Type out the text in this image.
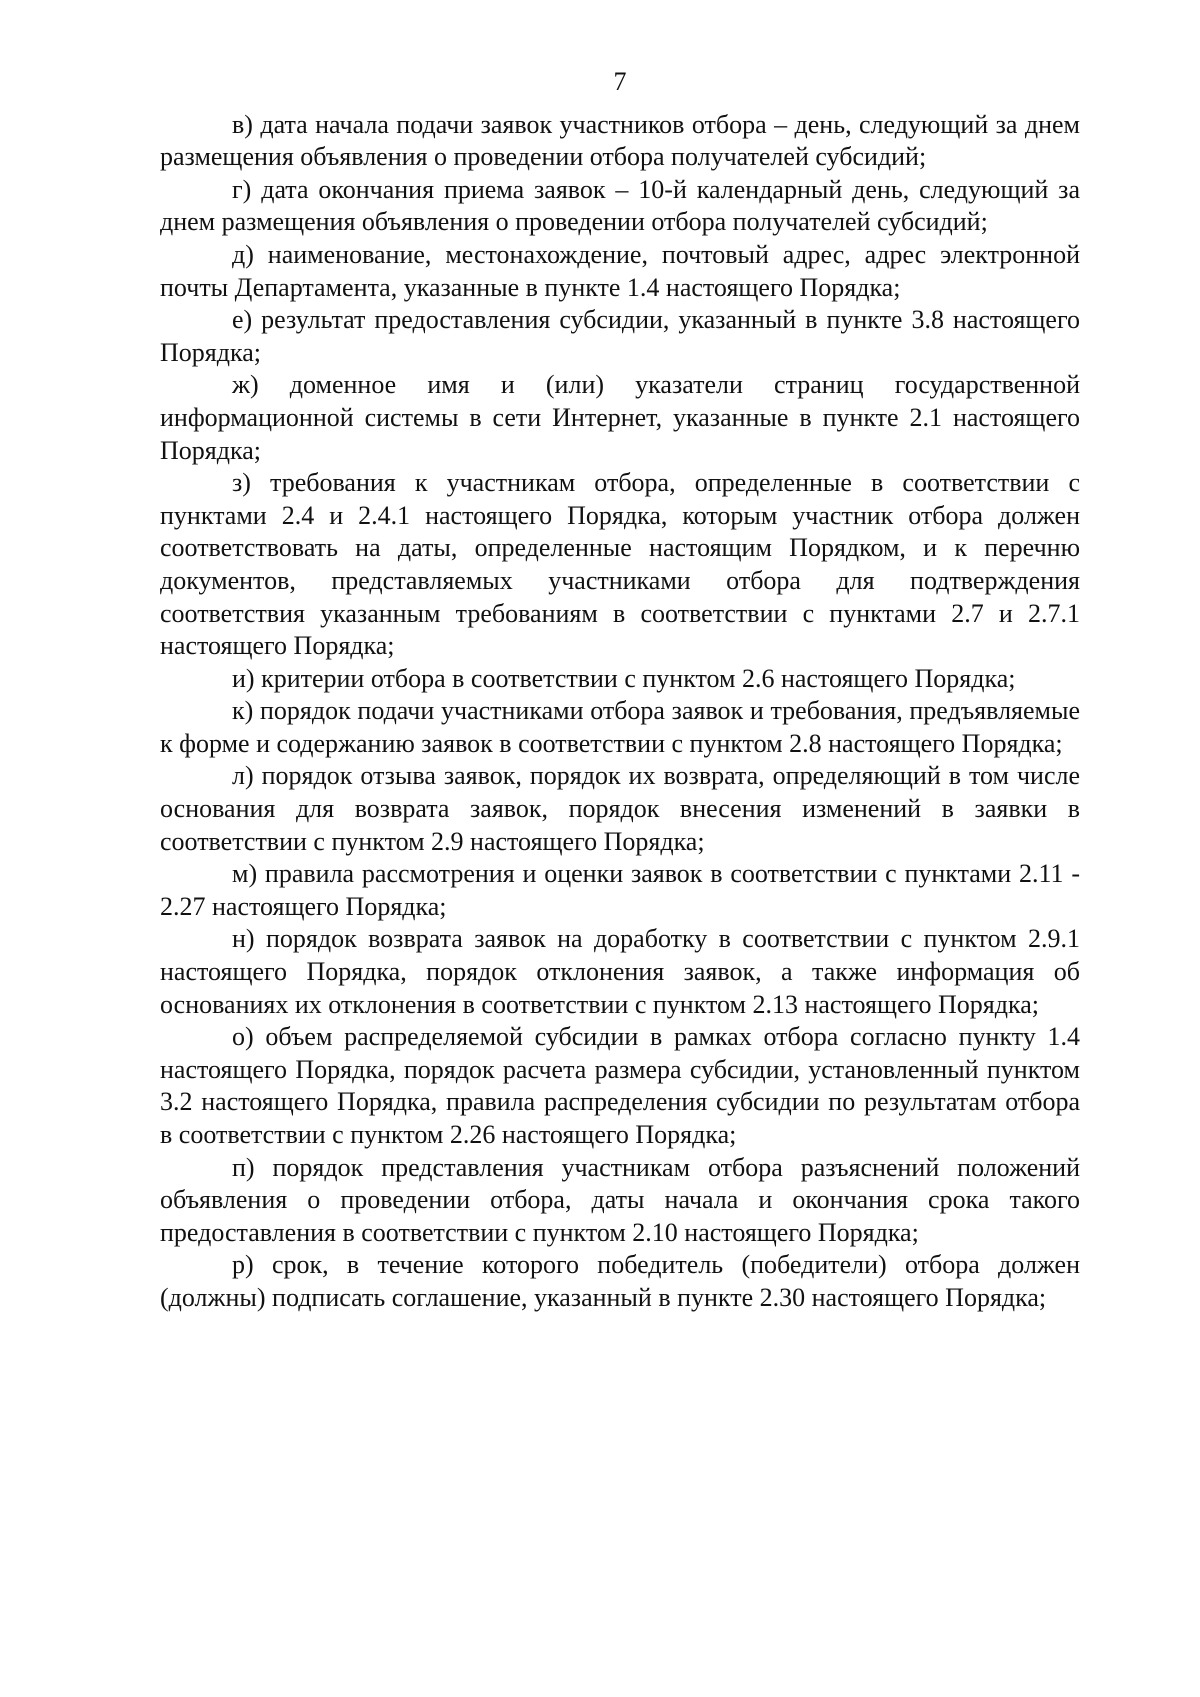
7

в) дата начала подачи заявок участников отбора – день, следующий за днем размещения объявления о проведении отбора получателей субсидий;

г) дата окончания приема заявок – 10-й календарный день, следующий за днем размещения объявления о проведении отбора получателей субсидий;

д) наименование, местонахождение, почтовый адрес, адрес электронной почты Департамента, указанные в пункте 1.4 настоящего Порядка;

е) результат предоставления субсидии, указанный в пункте 3.8 настоящего Порядка;

ж) доменное имя и (или) указатели страниц государственной информационной системы в сети Интернет, указанные в пункте 2.1 настоящего Порядка;

з) требования к участникам отбора, определенные в соответствии с пунктами 2.4 и 2.4.1 настоящего Порядка, которым участник отбора должен соответствовать на даты, определенные настоящим Порядком, и к перечню документов, представляемых участниками отбора для подтверждения соответствия указанным требованиям в соответствии с пунктами 2.7 и 2.7.1 настоящего Порядка;

и) критерии отбора в соответствии с пунктом 2.6 настоящего Порядка;

к) порядок подачи участниками отбора заявок и требования, предъявляемые к форме и содержанию заявок в соответствии с пунктом 2.8 настоящего Порядка;

л) порядок отзыва заявок, порядок их возврата, определяющий в том числе основания для возврата заявок, порядок внесения изменений в заявки в соответствии с пунктом 2.9 настоящего Порядка;

м) правила рассмотрения и оценки заявок в соответствии с пунктами 2.11 - 2.27 настоящего Порядка;

н) порядок возврата заявок на доработку в соответствии с пунктом 2.9.1 настоящего Порядка, порядок отклонения заявок, а также информация об основаниях их отклонения в соответствии с пунктом 2.13 настоящего Порядка;

о) объем распределяемой субсидии в рамках отбора согласно пункту 1.4 настоящего Порядка, порядок расчета размера субсидии, установленный пунктом 3.2 настоящего Порядка, правила распределения субсидии по результатам отбора в соответствии с пунктом 2.26 настоящего Порядка;

п) порядок представления участникам отбора разъяснений положений объявления о проведении отбора, даты начала и окончания срока такого предоставления в соответствии с пунктом 2.10 настоящего Порядка;

р) срок, в течение которого победитель (победители) отбора должен (должны) подписать соглашение, указанный в пункте 2.30 настоящего Порядка;
